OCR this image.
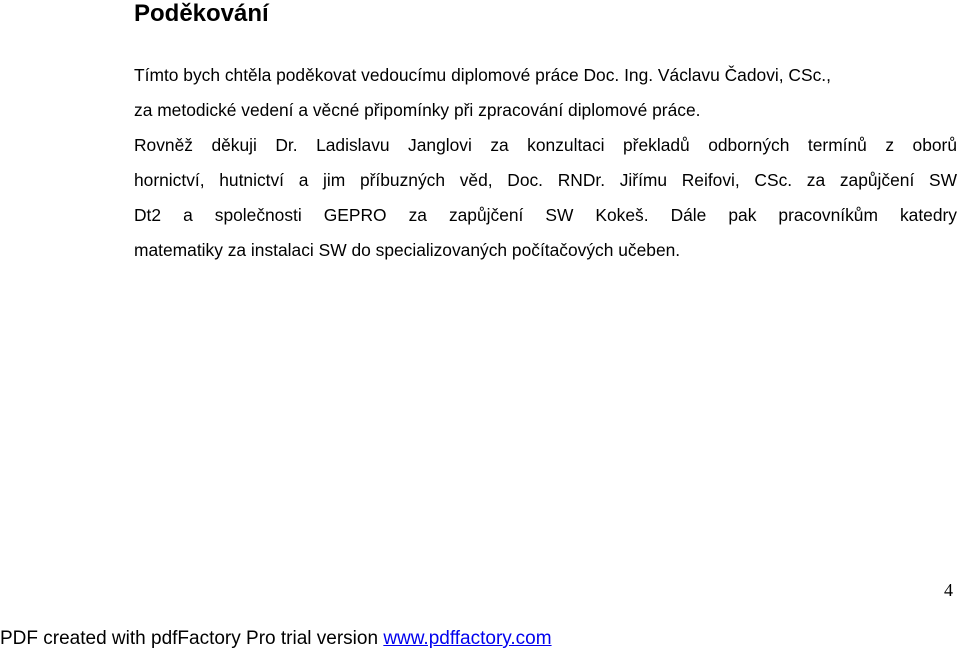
Poděkování
Tímto bych chtěla poděkovat vedoucímu diplomové práce Doc. Ing. Václavu Čadovi, CSc.,
za metodické vedení a věcné připomínky při zpracování diplomové práce.
Rovněž děkuji Dr. Ladislavu Janglovi za konzultaci překladů odborných termínů z oborů
hornictví, hutnictví a jim příbuzných věd, Doc. RNDr. Jiřímu Reifovi, CSc. za zapůjčení SW
Dt2 a společnosti GEPRO za zapůjčení SW Kokeš. Dále pak pracovníkům katedry
matematiky za instalaci SW do specializovaných počítačových učeben.
4
PDF created with pdfFactory Pro trial version www.pdffactory.com
